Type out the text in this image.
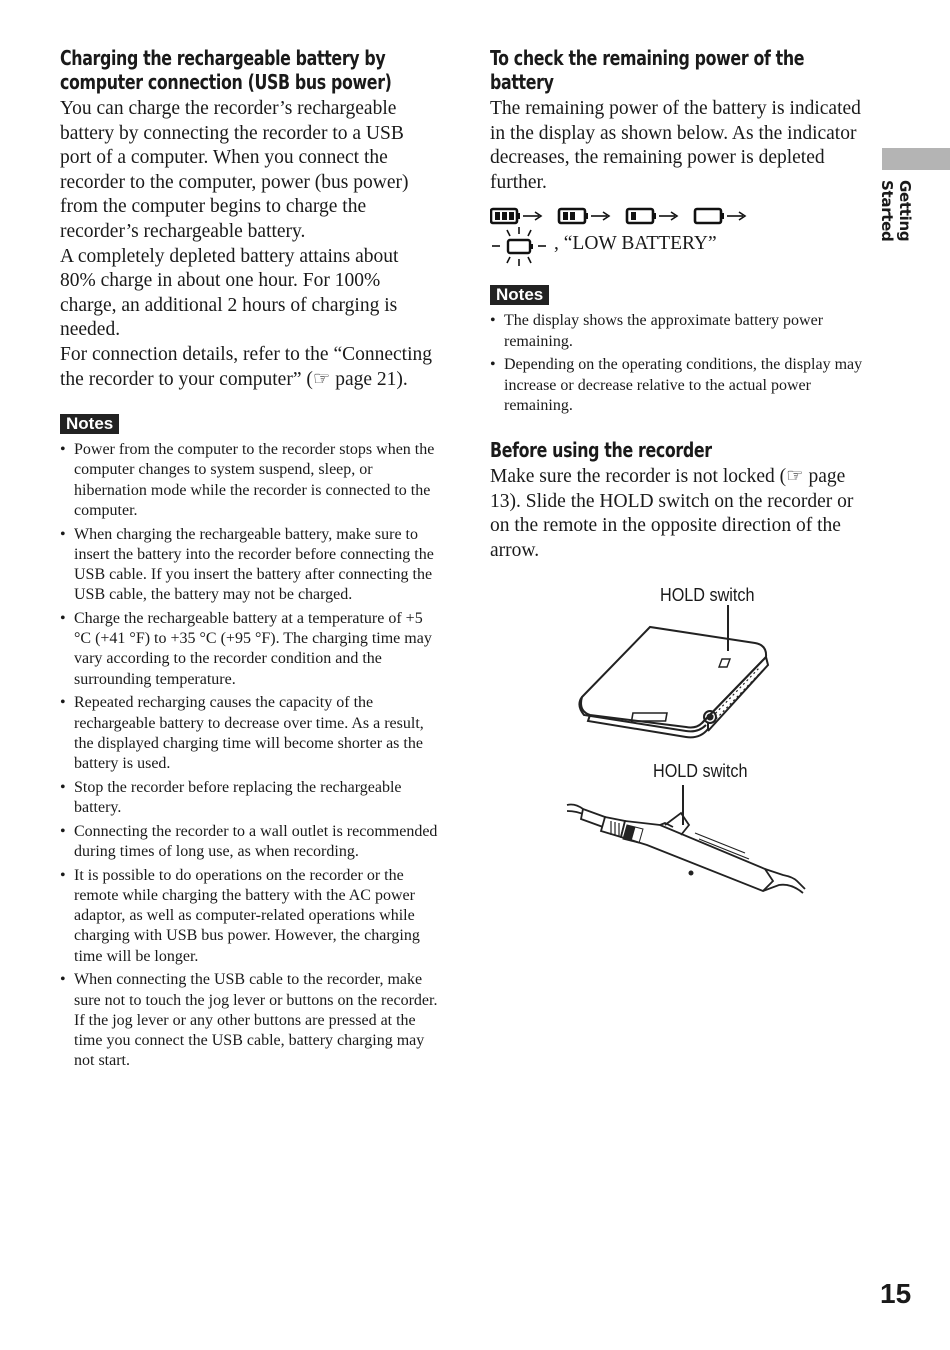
Charging the rechargeable battery by computer connection (USB bus power)

You can charge the recorder’s rechargeable battery by connecting the recorder to a USB port of a computer. When you connect the recorder to the computer, power (bus power) from the computer begins to charge the recorder’s rechargeable battery.

A completely depleted battery attains about 80% charge in about one hour. For 100% charge, an additional 2 hours of charging is needed.

For connection details, refer to the “Connecting the recorder to your computer” (☞ page 21).

Notes
• Power from the computer to the recorder stops when the computer changes to system suspend, sleep, or hibernation mode while the recorder is connected to the computer.
• When charging the rechargeable battery, make sure to insert the battery into the recorder before connecting the USB cable. If you insert the battery after connecting the USB cable, the battery may not be charged.
• Charge the rechargeable battery at a temperature of +5 °C (+41 °F) to +35 °C (+95 °F). The charging time may vary according to the recorder condition and the surrounding temperature.
• Repeated recharging causes the capacity of the rechargeable battery to decrease over time. As a result, the displayed charging time will become shorter as the battery is used.
• Stop the recorder before replacing the rechargeable battery.
• Connecting the recorder to a wall outlet is recommended during times of long use, as when recording.
• It is possible to do operations on the recorder or the remote while charging the battery with the AC power adaptor, as well as computer-related operations while charging with USB bus power. However, the charging time will be longer.
• When connecting the USB cable to the recorder, make sure not to touch the jog lever or buttons on the recorder. If the jog lever or any other buttons are pressed at the time you connect the USB cable, battery charging may not start.
To check the remaining power of the battery

The remaining power of the battery is indicated in the display as shown below. As the indicator decreases, the remaining power is depleted further.

, “LOW BATTERY”
Notes
• The display shows the approximate battery power remaining.
• Depending on the operating conditions, the display may increase or decrease relative to the actual power remaining.
Before using the recorder

Make sure the recorder is not locked (☞ page 13). Slide the HOLD switch on the recorder or on the remote in the opposite direction of the arrow.

HOLD switch
HOLD switch
Getting Started
15
